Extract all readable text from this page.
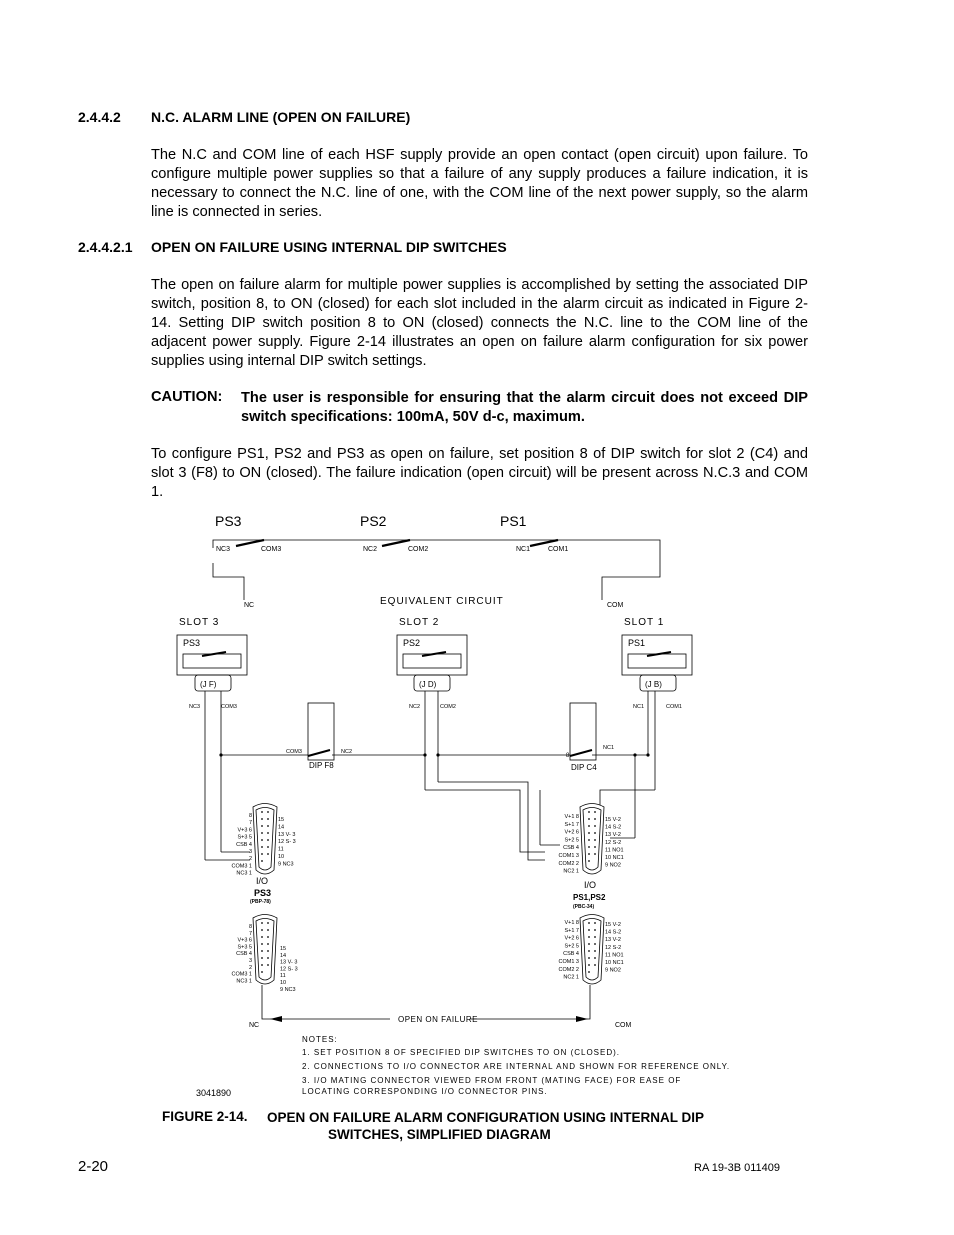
2.4.4.2 N.C. ALARM LINE (OPEN ON FAILURE)

The N.C and COM line of each HSF supply provide an open contact (open circuit) upon failure. To configure multiple power supplies so that a failure of any supply produces a failure indication, it is necessary to connect the N.C. line of one, with the COM line of the next power supply, so the alarm line is connected in series.

2.4.4.2.1 OPEN ON FAILURE USING INTERNAL DIP SWITCHES

The open on failure alarm for multiple power supplies is accomplished by setting the associated DIP switch, position 8, to ON (closed) for each slot included in the alarm circuit as indicated in Figure 2-14. Setting DIP switch position 8 to ON (closed) connects the N.C. line to the COM line of the adjacent power supply. Figure 2-14 illustrates an open on failure alarm configuration for six power supplies using internal DIP switch settings.

CAUTION: The user is responsible for ensuring that the alarm circuit does not exceed DIP switch specifications: 100mA, 50V d-c, maximum.

To configure PS1, PS2 and PS3 as open on failure, set position 8 of DIP switch for slot 2 (C4) and slot 3 (F8) to ON (closed). The failure indication (open circuit) will be present across N.C.3 and COM 1.

PS3	PS2	PS1
NC3	NC2	NC1
COM3	COM2	COM1
NC	COM
EQUIVALENT CIRCUIT
SLOT 3	SLOT 2	SLOT 1
PS3	PS2	PS1
(J F)	(J D)	(J B)
NC3	NC2	NC1
COM3	COM2	COM1
COM3	NC2
DIP F8
NC1
8
DIP C4
8
7
V+3 6
S+3 5
CSB 4
3
2
COM3 1
NC3 1
15
14
13 V- 3
12 S- 3
11
10
9 NC3
V+1 8
S+1 7
V+2 6
S+2 5
CSB 4
COM1 3
COM2 2
NC2 1
15 V-2
14 S-2
13 V-2
12 S-2
11 NO1
10 NC1
9 NO2
8
7
V+3 6
S+3 5
CSB 4
3
2
COM3 1
NC3 1
15
14
13 V- 3
12 S- 3
11
10
9 NC3
V+1 8
S+1 7
V+2 6
S+2 5
CSB 4
COM1 3
COM2 2
NC2 1
15 V-2
14 S-2
13 V-2
12 S-2
11 NO1
10 NC1
9 NO2
I/O
PS3
(PBP-78)
I/O
PS1,PS2
(PBC-34)
NC	COM
OPEN ON FAILURE
NOTES:
1. SET POSITION 8 OF SPECIFIED DIP SWITCHES TO ON (CLOSED).
2. CONNECTIONS TO I/O CONNECTOR ARE INTERNAL AND SHOWN FOR REFERENCE ONLY.
3. I/O MATING CONNECTOR VIEWED FROM FRONT (MATING FACE) FOR EASE OF
LOCATING CORRESPONDING I/O CONNECTOR PINS.
3041890
FIGURE 2-14. OPEN ON FAILURE ALARM CONFIGURATION USING INTERNAL DIP
SWITCHES, SIMPLIFIED DIAGRAM
2-20	RA 19-3B 011409
